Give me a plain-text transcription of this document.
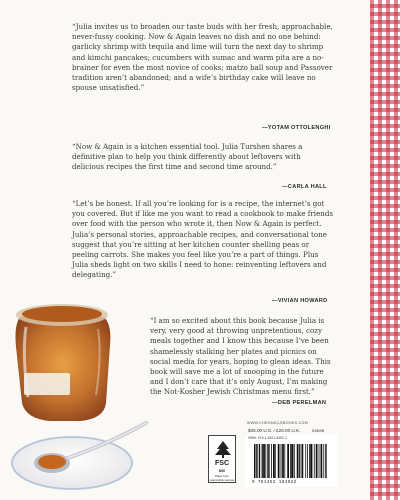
“Julia invites us to broaden our taste buds with her fresh, approachable, never-fussy cooking. Now & Again leaves no dish and no one behind: garlicky shrimp with tequila and lime will turn the next day to shrimp and kimchi pancakes; cucumbers with sumac and warm pita are a no-brainer for even the most novice of cooks; matzo ball soup and Passover tradition aren’t abandoned; and a wife’s birthday cake will leave no spouse unsatisfied.”

—YOTAM OTTOLENGHI

“Now & Again is a kitchen essential tool. Julia Turshen shares a definitive plan to help you think differently about leftovers with delicious recipes the first time and second time around.”

—CARLA HALL

“Let’s be honest. If all you’re looking for is a recipe, the internet’s got you covered. But if like me you want to read a cookbook to make friends over food with the person who wrote it, then Now & Again is perfect. Julia’s personal stories, approachable recipes, and conversational tone suggest that you’re sitting at her kitchen counter shelling peas or peeling carrots. She makes you feel like you’re a part of things. Plus Julia sheds light on two skills I need to hone: reinventing leftovers and delegating.”

—VIVIAN HOWARD

“I am so excited about this book because Julia is very, very good at throwing unpretentious, cozy meals together and I know this because I’ve been shamelessly stalking her plates and picnics on social media for years, hoping to glean ideas. This book will save me a lot of snooping in the future and I don’t care that it’s only August, I’m making the Not-Kosher Jewish Christmas menu first.”

—DEB PERELMAN
WWW.CHRONICLEBOOKS.COM
FSC
MIX
Paper from responsible sources
$35.00 U.S. / £26.00 U.K.
ISBN: 978-1-4521-6492-2
53500
9 781452 164922
